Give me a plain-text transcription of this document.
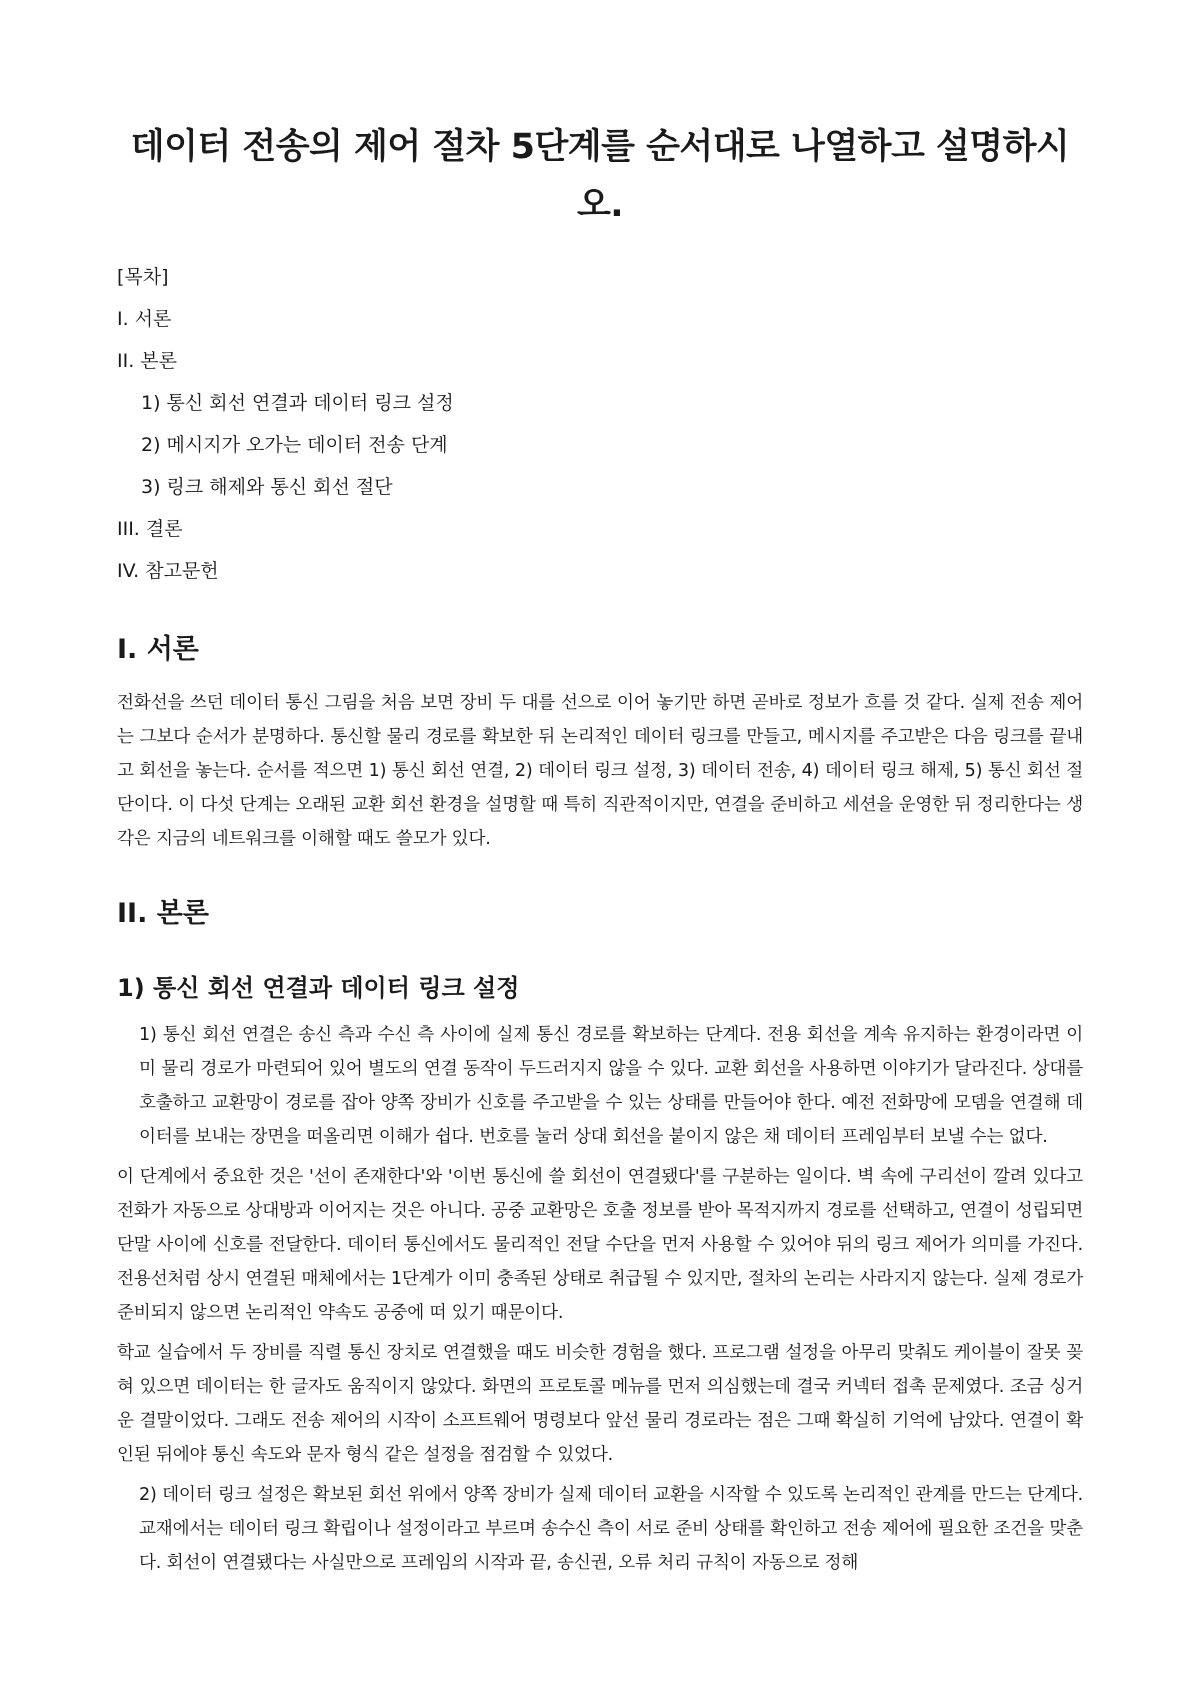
데이터 전송의 제어 절차 5단계를 순서대로 나열하고 설명하시오.
[목차]
I. 서론
II. 본론
1) 통신 회선 연결과 데이터 링크 설정
2) 메시지가 오가는 데이터 전송 단계
3) 링크 해제와 통신 회선 절단
III. 결론
IV. 참고문헌
I. 서론

전화선을 쓰던 데이터 통신 그림을 처음 보면 장비 두 대를 선으로 이어 놓기만 하면 곧바로 정보가 흐를 것 같다. 실제 전송 제어는 그보다 순서가 분명하다. 통신할 물리 경로를 확보한 뒤 논리적인 데이터 링크를 만들고, 메시지를 주고받은 다음 링크를 끝내고 회선을 놓는다. 순서를 적으면 1) 통신 회선 연결, 2) 데이터 링크 설정, 3) 데이터 전송, 4) 데이터 링크 해제, 5) 통신 회선 절단이다. 이 다섯 단계는 오래된 교환 회선 환경을 설명할 때 특히 직관적이지만, 연결을 준비하고 세션을 운영한 뒤 정리한다는 생각은 지금의 네트워크를 이해할 때도 쓸모가 있다.

II. 본론
1) 통신 회선 연결과 데이터 링크 설정

1) 통신 회선 연결은 송신 측과 수신 측 사이에 실제 통신 경로를 확보하는 단계다. 전용 회선을 계속 유지하는 환경이라면 이미 물리 경로가 마련되어 있어 별도의 연결 동작이 두드러지지 않을 수 있다. 교환 회선을 사용하면 이야기가 달라진다. 상대를 호출하고 교환망이 경로를 잡아 양쪽 장비가 신호를 주고받을 수 있는 상태를 만들어야 한다. 예전 전화망에 모뎀을 연결해 데이터를 보내는 장면을 떠올리면 이해가 쉽다. 번호를 눌러 상대 회선을 붙이지 않은 채 데이터 프레임부터 보낼 수는 없다.

이 단계에서 중요한 것은 '선이 존재한다'와 '이번 통신에 쓸 회선이 연결됐다'를 구분하는 일이다. 벽 속에 구리선이 깔려 있다고 전화가 자동으로 상대방과 이어지는 것은 아니다. 공중 교환망은 호출 정보를 받아 목적지까지 경로를 선택하고, 연결이 성립되면 단말 사이에 신호를 전달한다. 데이터 통신에서도 물리적인 전달 수단을 먼저 사용할 수 있어야 뒤의 링크 제어가 의미를 가진다. 전용선처럼 상시 연결된 매체에서는 1단계가 이미 충족된 상태로 취급될 수 있지만, 절차의 논리는 사라지지 않는다. 실제 경로가 준비되지 않으면 논리적인 약속도 공중에 떠 있기 때문이다.

학교 실습에서 두 장비를 직렬 통신 장치로 연결했을 때도 비슷한 경험을 했다. 프로그램 설정을 아무리 맞춰도 케이블이 잘못 꽂혀 있으면 데이터는 한 글자도 움직이지 않았다. 화면의 프로토콜 메뉴를 먼저 의심했는데 결국 커넥터 접촉 문제였다. 조금 싱거운 결말이었다. 그래도 전송 제어의 시작이 소프트웨어 명령보다 앞선 물리 경로라는 점은 그때 확실히 기억에 남았다. 연결이 확인된 뒤에야 통신 속도와 문자 형식 같은 설정을 점검할 수 있었다.

2) 데이터 링크 설정은 확보된 회선 위에서 양쪽 장비가 실제 데이터 교환을 시작할 수 있도록 논리적인 관계를 만드는 단계다. 교재에서는 데이터 링크 확립이나 설정이라고 부르며 송수신 측이 서로 준비 상태를 확인하고 전송 제어에 필요한 조건을 맞춘다. 회선이 연결됐다는 사실만으로 프레임의 시작과 끝, 송신권, 오류 처리 규칙이 자동으로 정해
